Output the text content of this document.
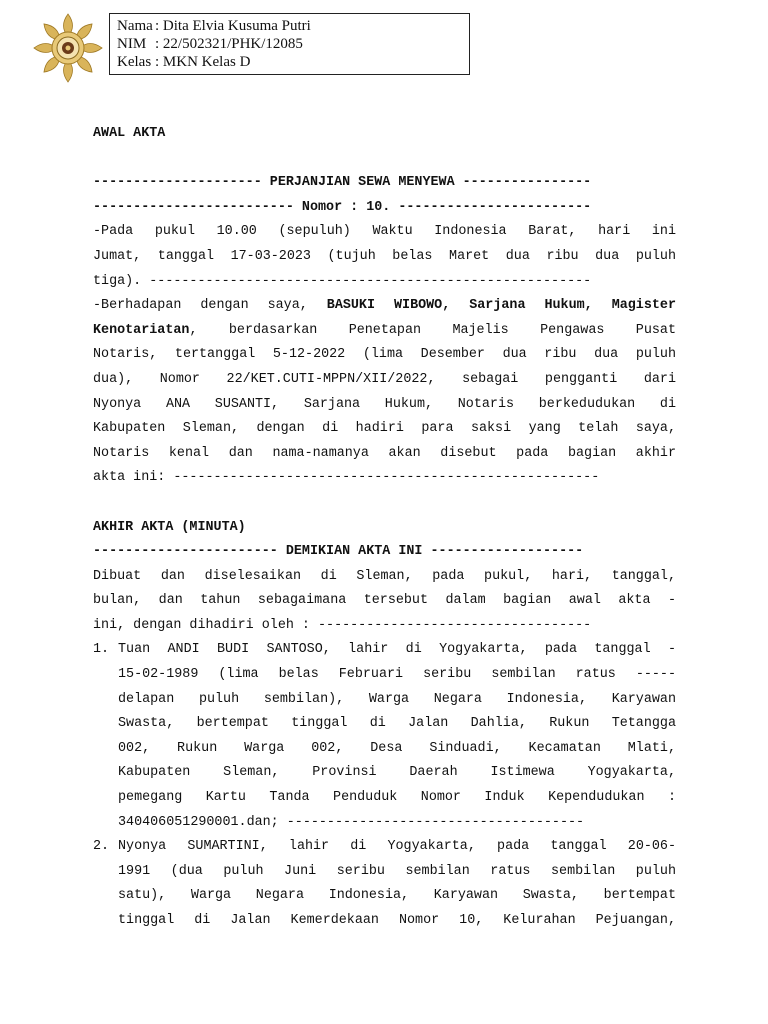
Nama : Dita Elvia Kusuma Putri
NIM : 22/502321/PHK/12085
Kelas : MKN Kelas D
AWAL AKTA
--------------------- PERJANJIAN SEWA MENYEWA ----------------
------------------------- Nomor : 10. ------------------------
-Pada pukul 10.00 (sepuluh) Waktu Indonesia Barat, hari ini
Jumat, tanggal 17-03-2023 (tujuh belas Maret dua ribu dua puluh
tiga). -------------------------------------------------------
-Berhadapan dengan saya, BASUKI WIBOWO, Sarjana Hukum, Magister
Kenotariatan, berdasarkan Penetapan Majelis Pengawas Pusat
Notaris, tertanggal 5-12-2022 (lima Desember dua ribu dua puluh
dua), Nomor 22/KET.CUTI-MPPN/XII/2022, sebagai pengganti dari
Nyonya ANA SUSANTI, Sarjana Hukum, Notaris berkedudukan di
Kabupaten Sleman, dengan di hadiri para saksi yang telah saya,
Notaris kenal dan nama-namanya akan disebut pada bagian akhir
akta ini: -----------------------------------------------------
AKHIR AKTA (MINUTA)
----------------------- DEMIKIAN AKTA INI -------------------
Dibuat dan diselesaikan di Sleman, pada pukul, hari, tanggal,
bulan, dan tahun sebagaimana tersebut dalam bagian awal akta -
ini, dengan dihadiri oleh : ----------------------------------
1. Tuan ANDI BUDI SANTOSO, lahir di Yogyakarta, pada tanggal -
15-02-1989 (lima belas Februari seribu sembilan ratus -----
delapan puluh sembilan), Warga Negara Indonesia, Karyawan
Swasta, bertempat tinggal di Jalan Dahlia, Rukun Tetangga
002, Rukun Warga 002, Desa Sinduadi, Kecamatan Mlati,
Kabupaten Sleman, Provinsi Daerah Istimewa Yogyakarta,
pemegang Kartu Tanda Penduduk Nomor Induk Kependudukan :
340406051290001.dan; -------------------------------------
2. Nyonya SUMARTINI, lahir di Yogyakarta, pada tanggal 20-06-
1991 (dua puluh Juni seribu sembilan ratus sembilan puluh
satu), Warga Negara Indonesia, Karyawan Swasta, bertempat
tinggal di Jalan Kemerdekaan Nomor 10, Kelurahan Pejuangan,
